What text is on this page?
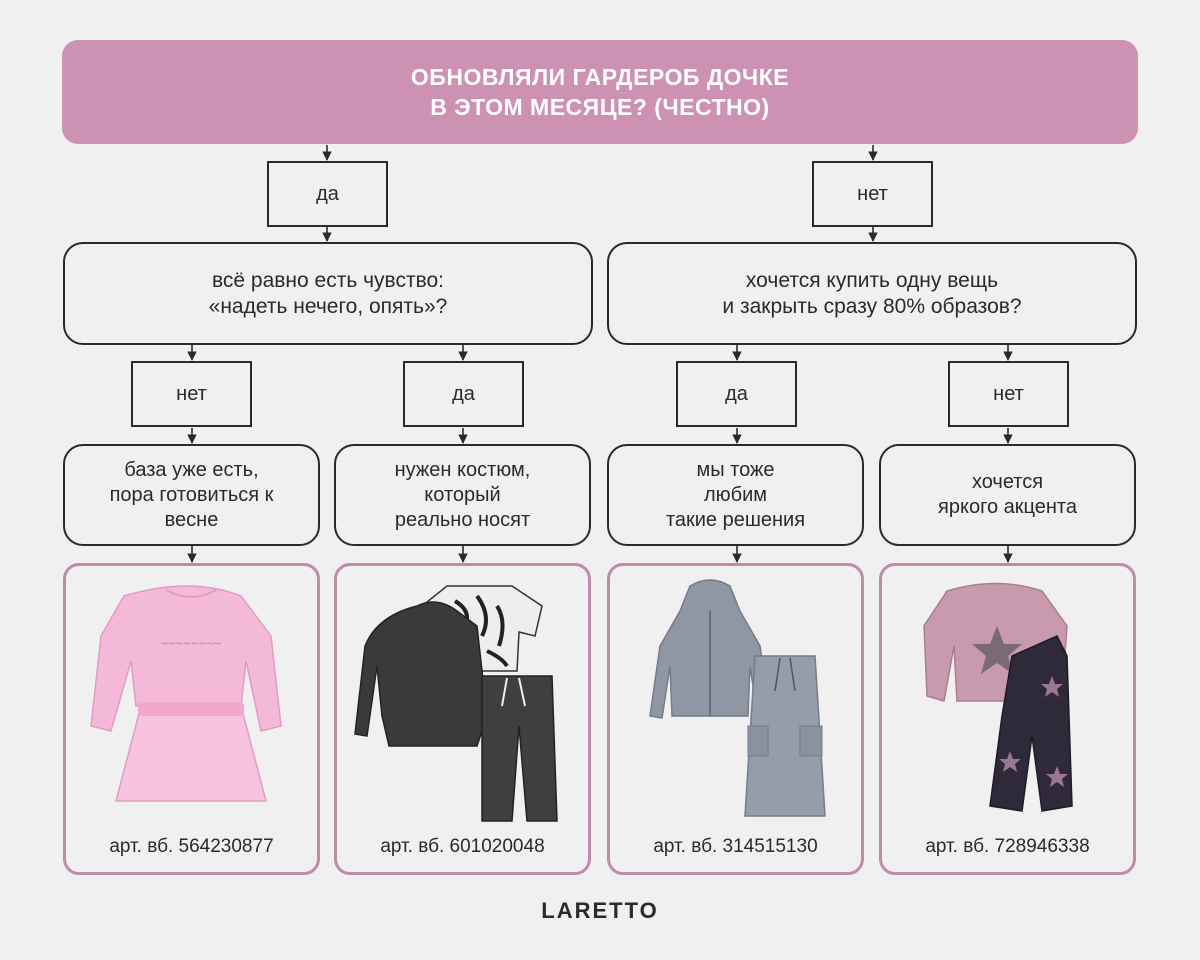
ОБНОВЛЯЛИ ГАРДЕРОБ ДОЧКЕ
В ЭТОМ МЕСЯЦЕ? (ЧЕСТНО)
да	нет
всё равно есть чувство:
«надеть нечего, опять»?
хочется купить одну вещь
и закрыть сразу 80% образов?
нет	да	да	нет
база уже есть,
пора готовиться к
весне
нужен костюм,
который
реально носят
мы тоже
любим
такие решения
хочется
яркого акцента
~~~~~~~~
арт. вб. 564230877	арт. вб. 601020048	арт. вб. 314515130	арт. вб. 728946338
LARETTO
